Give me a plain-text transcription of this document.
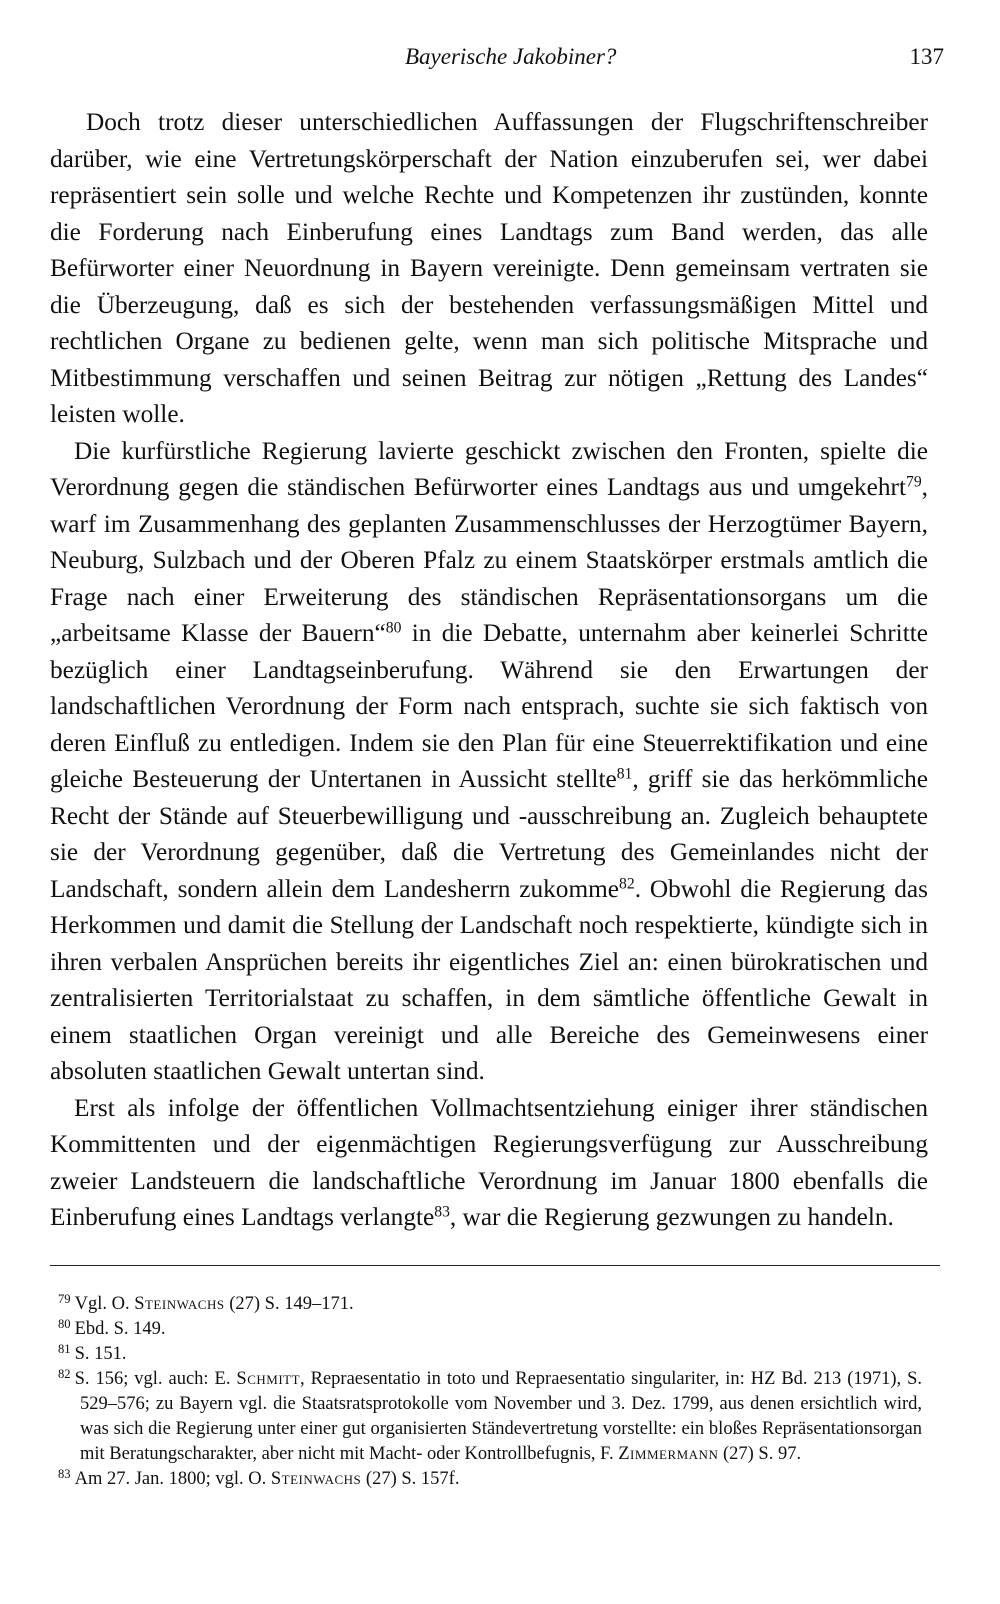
Bayerische Jakobiner?	137

Doch trotz dieser unterschiedlichen Auffassungen der Flugschriftenschreiber darüber, wie eine Vertretungskörperschaft der Nation einzuberufen sei, wer dabei repräsentiert sein solle und welche Rechte und Kompetenzen ihr zustünden, konnte die Forderung nach Einberufung eines Landtags zum Band werden, das alle Befürworter einer Neuordnung in Bayern vereinigte. Denn gemeinsam vertraten sie die Überzeugung, daß es sich der bestehenden verfassungsmäßigen Mittel und rechtlichen Organe zu bedienen gelte, wenn man sich politische Mitsprache und Mitbestimmung verschaffen und seinen Beitrag zur nötigen „Rettung des Landes“ leisten wolle.

Die kurfürstliche Regierung lavierte geschickt zwischen den Fronten, spielte die Verordnung gegen die ständischen Befürworter eines Landtags aus und umgekehrt$^{79}$, warf im Zusammenhang des geplanten Zusammenschlusses der Herzogtümer Bayern, Neuburg, Sulzbach und der Oberen Pfalz zu einem Staatskörper erstmals amtlich die Frage nach einer Erweiterung des ständischen Repräsentationsorgans um die „arbeitsame Klasse der Bauern“$^{80}$ in die Debatte, unternahm aber keinerlei Schritte bezüglich einer Landtagseinberufung. Während sie den Erwartungen der landschaftlichen Verordnung der Form nach entsprach, suchte sie sich faktisch von deren Einfluß zu entledigen. Indem sie den Plan für eine Steuerrektifikation und eine gleiche Besteuerung der Untertanen in Aussicht stellte$^{81}$, griff sie das herkömmliche Recht der Stände auf Steuerbewilligung und -ausschreibung an. Zugleich behauptete sie der Verordnung gegenüber, daß die Vertretung des Gemeinlandes nicht der Landschaft, sondern allein dem Landesherrn zukomme$^{82}$. Obwohl die Regierung das Herkommen und damit die Stellung der Landschaft noch respektierte, kündigte sich in ihren verbalen Ansprüchen bereits ihr eigentliches Ziel an: einen bürokratischen und zentralisierten Territorialstaat zu schaffen, in dem sämtliche öffentliche Gewalt in einem staatlichen Organ vereinigt und alle Bereiche des Gemeinwesens einer absoluten staatlichen Gewalt untertan sind.

Erst als infolge der öffentlichen Vollmachtsentziehung einiger ihrer ständischen Kommittenten und der eigenmächtigen Regierungsverfügung zur Ausschreibung zweier Landsteuern die landschaftliche Verordnung im Januar 1800 ebenfalls die Einberufung eines Landtags verlangte$^{83}$, war die Regierung gezwungen zu handeln.

$^{79}$ Vgl. O. Steinwachs (27) S. 149–171.

$^{80}$ Ebd. S. 149.

$^{81}$ S. 151.

$^{82}$ S. 156; vgl. auch: E. Schmitt, Repraesentatio in toto und Repraesentatio singulariter, in: HZ Bd. 213 (1971), S. 529–576; zu Bayern vgl. die Staatsratsprotokolle vom November und 3. Dez. 1799, aus denen ersichtlich wird, was sich die Regierung unter einer gut organisierten Ständevertretung vorstellte: ein bloßes Repräsentationsorgan mit Beratungscharakter, aber nicht mit Macht- oder Kontrollbefugnis, F. Zimmermann (27) S. 97.

$^{83}$ Am 27. Jan. 1800; vgl. O. Steinwachs (27) S. 157f.
